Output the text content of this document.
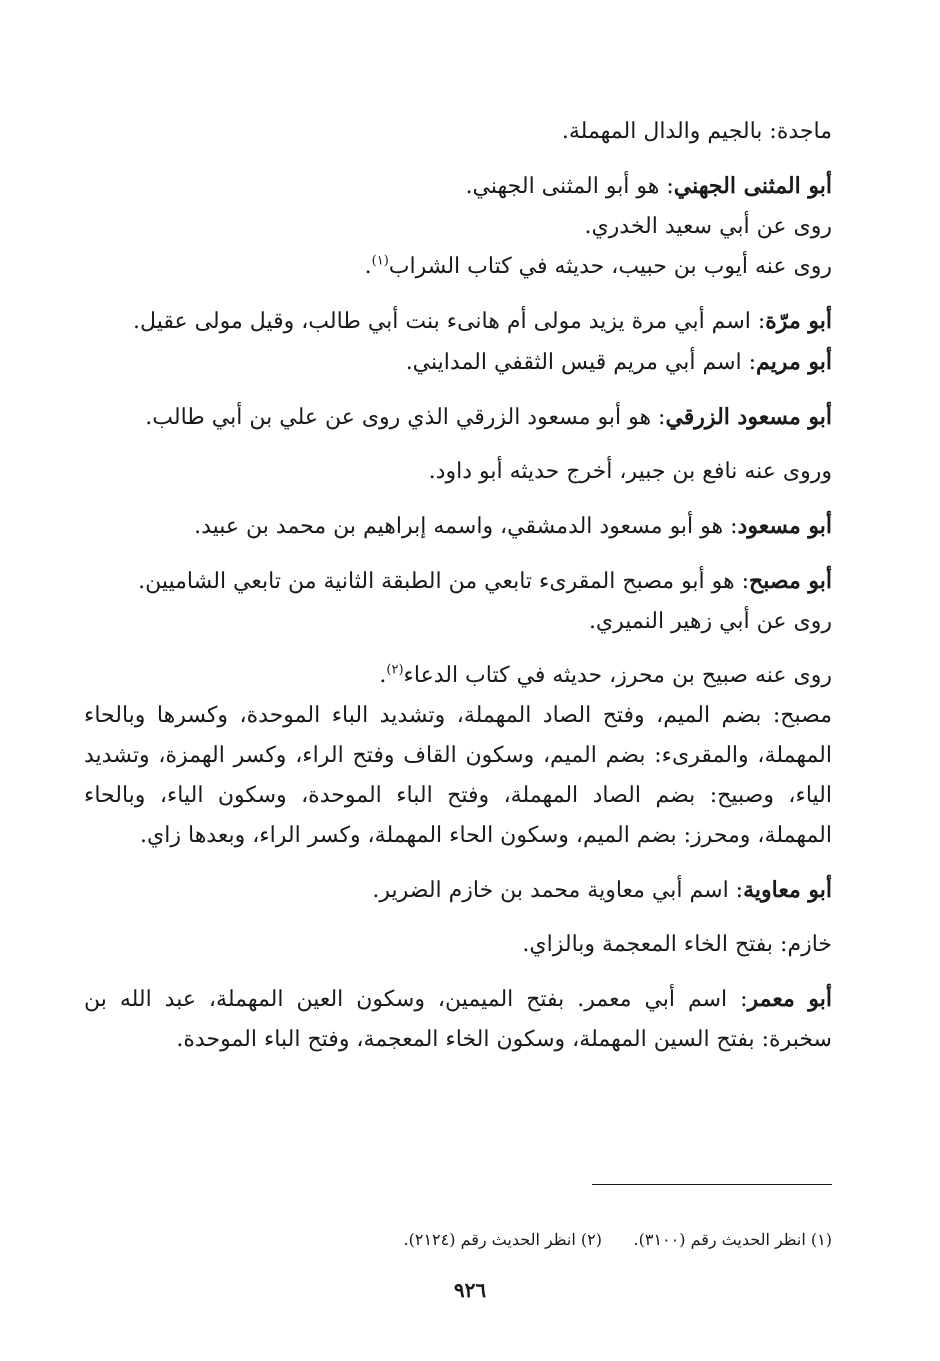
ماجدة: بالجيم والدال المهملة.

أبو المثنى الجهني: هو أبو المثنى الجهني.

روى عن أبي سعيد الخدري.

روى عنه أيوب بن حبيب، حديثه في كتاب الشراب$^{(١)}$.

أبو مرّة: اسم أبي مرة يزيد مولى أم هانىء بنت أبي طالب، وقيل مولى عقيل.

أبو مريم: اسم أبي مريم قيس الثقفي المدايني.

أبو مسعود الزرقي: هو أبو مسعود الزرقي الذي روى عن علي بن أبي طالب.

وروى عنه نافع بن جبير، أخرج حديثه أبو داود.

أبو مسعود: هو أبو مسعود الدمشقي، واسمه إبراهيم بن محمد بن عبيد.

أبو مصبح: هو أبو مصبح المقرىء تابعي من الطبقة الثانية من تابعي الشاميين.

روى عن أبي زهير النميري.

روى عنه صبيح بن محرز، حديثه في كتاب الدعاء$^{(٢)}$.

مصبح: بضم الميم، وفتح الصاد المهملة، وتشديد الباء الموحدة، وكسرها وبالحاء المهملة، والمقرىء: بضم الميم، وسكون القاف وفتح الراء، وكسر الهمزة، وتشديد الياء، وصبيح: بضم الصاد المهملة، وفتح الباء الموحدة، وسكون الياء، وبالحاء المهملة، ومحرز: بضم الميم، وسكون الحاء المهملة، وكسر الراء، وبعدها زاي.

أبو معاوية: اسم أبي معاوية محمد بن خازم الضرير.

خازم: بفتح الخاء المعجمة وبالزاي.

أبو معمر: اسم أبي معمر. بفتح الميمين، وسكون العين المهملة، عبد الله بن سخبرة: بفتح السين المهملة، وسكون الخاء المعجمة، وفتح الباء الموحدة.

(١) انظر الحديث رقم (٣١٠٠).

(٢) انظر الحديث رقم (٢١٢٤).

٩٢٦
